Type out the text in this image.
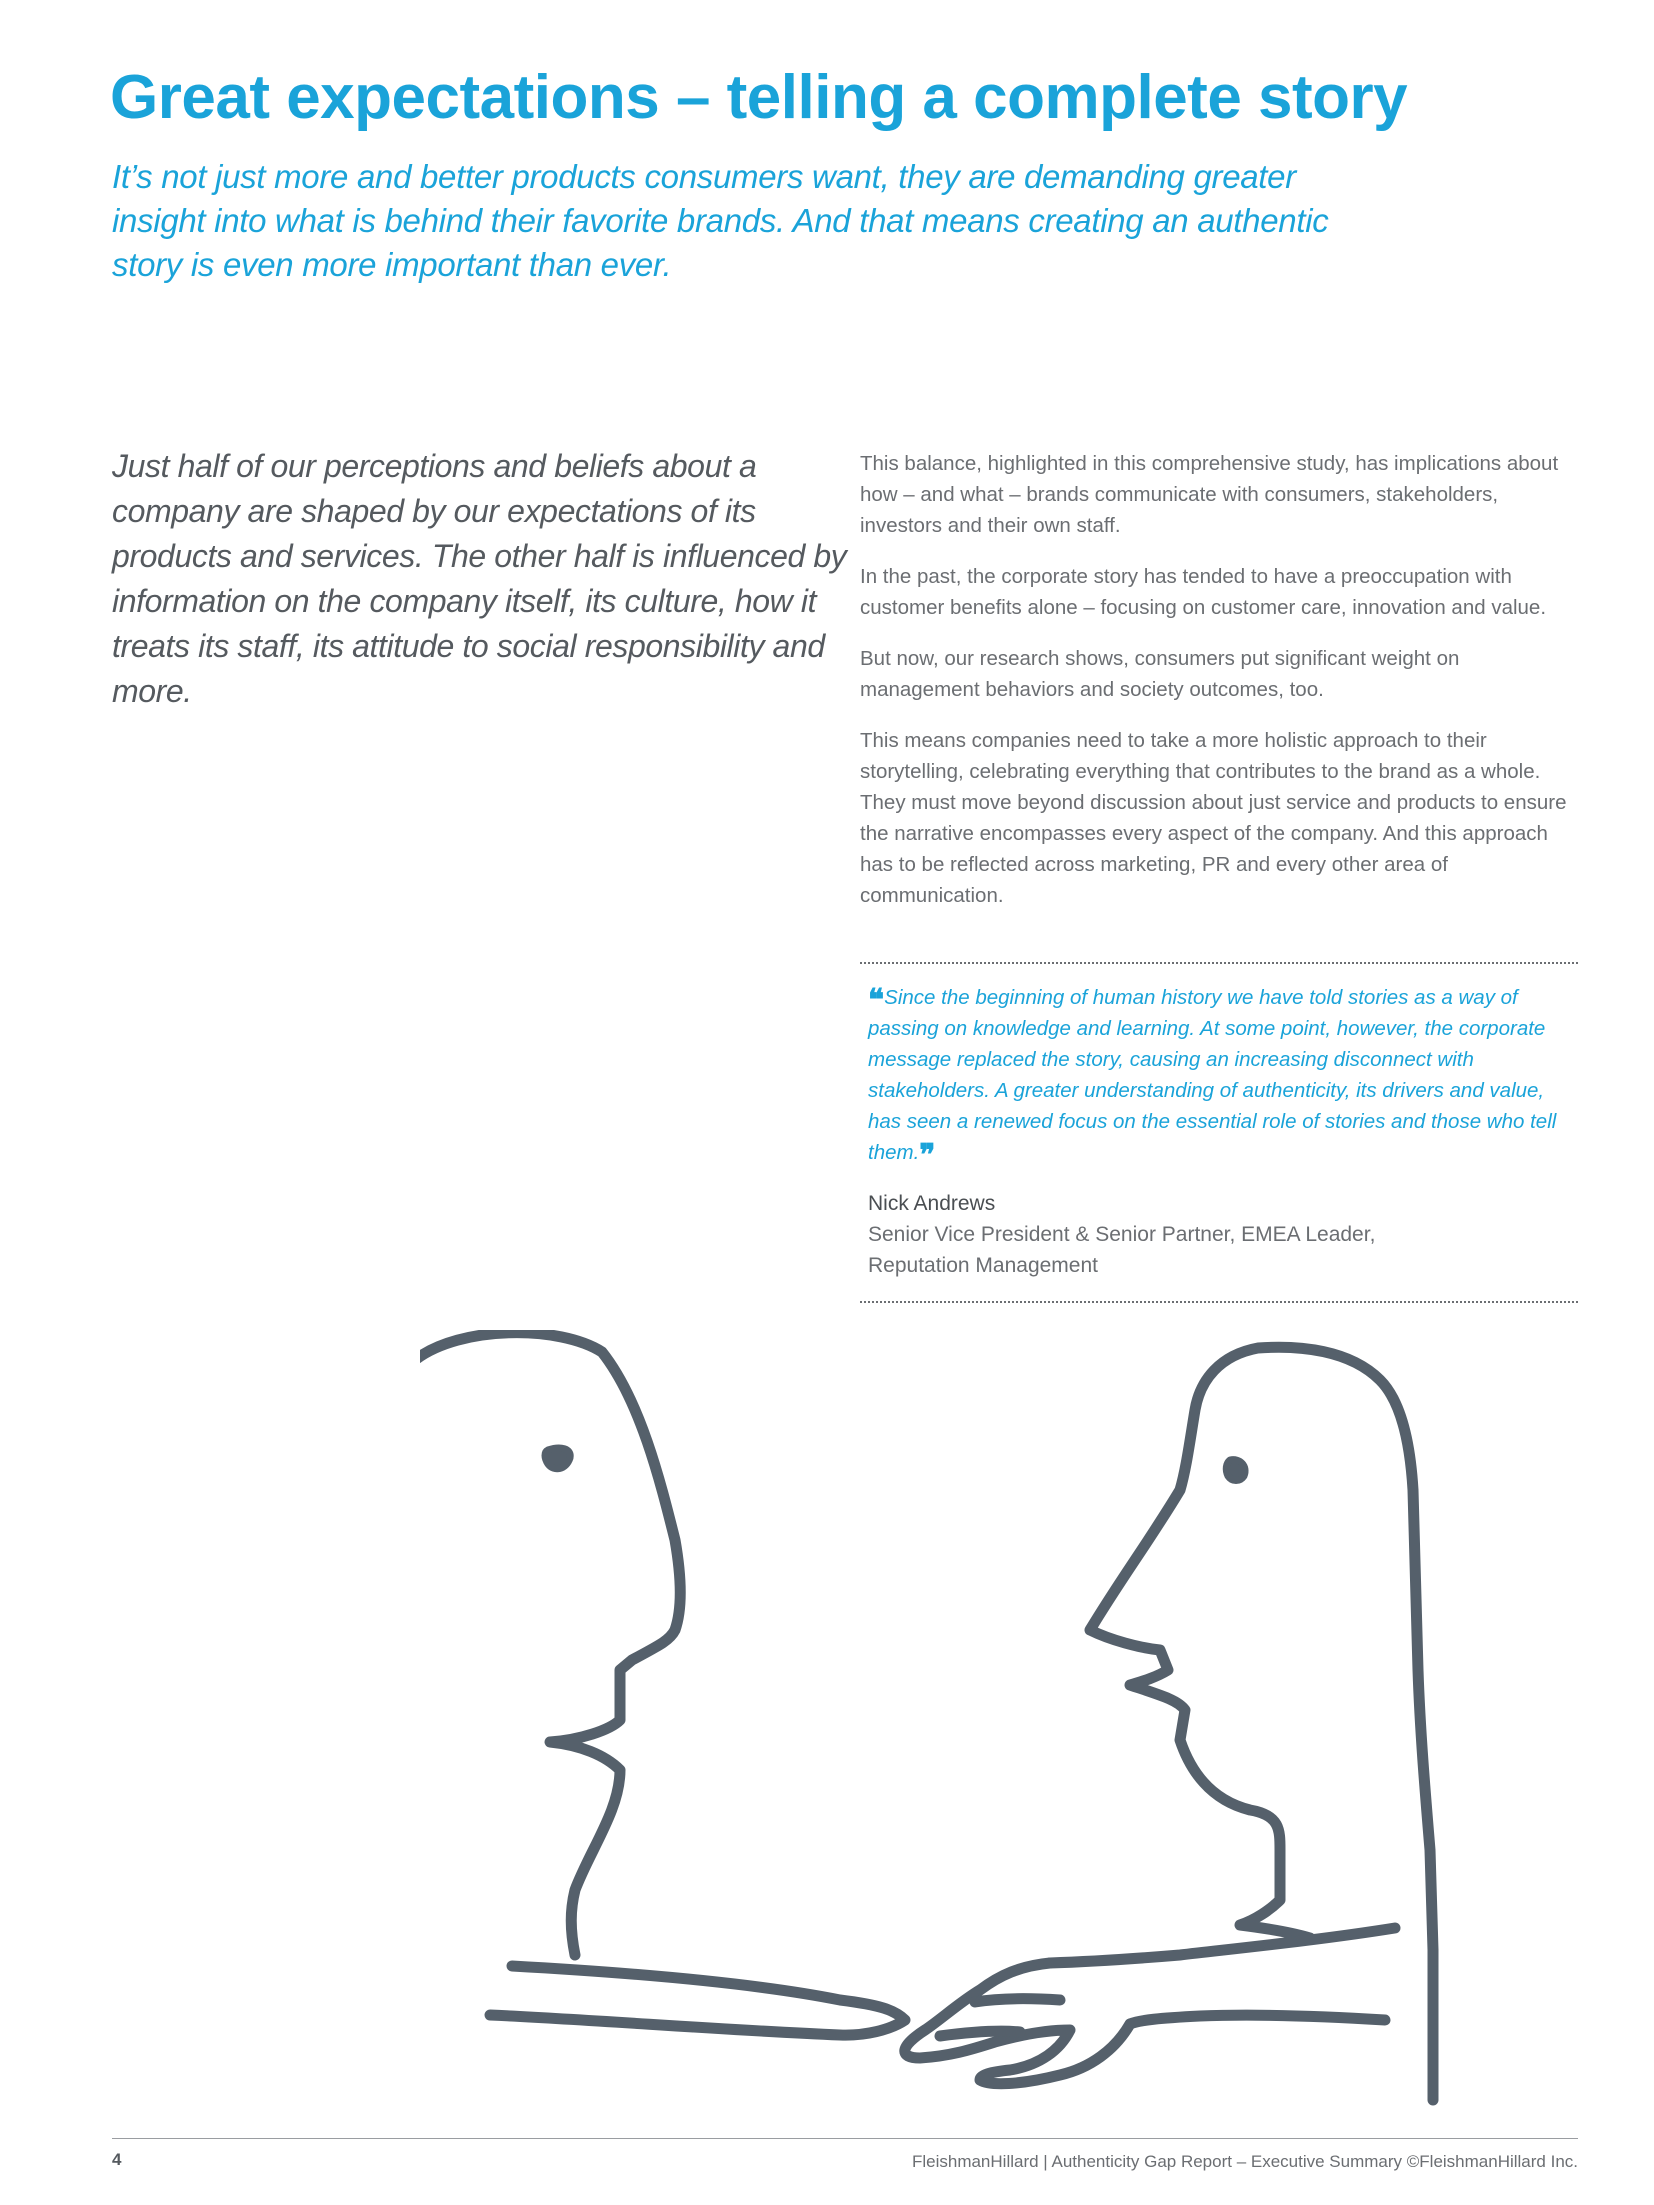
Great expectations – telling a complete story

It’s not just more and better products consumers want, they are demanding greater insight into what is behind their favorite brands. And that means creating an authentic story is even more important than ever.

Just half of our perceptions and beliefs about a company are shaped by our expectations of its products and services. The other half is influenced by information on the company itself, its culture, how it treats its staff, its attitude to social responsibility and more.

This balance, highlighted in this comprehensive study, has implications about how – and what – brands communicate with consumers, stakeholders, investors and their own staff.

In the past, the corporate story has tended to have a preoccupation with customer benefits alone – focusing on customer care, innovation and value.

But now, our research shows, consumers put significant weight on management behaviors and society outcomes, too.

This means companies need to take a more holistic approach to their storytelling, celebrating everything that contributes to the brand as a whole. They must move beyond discussion about just service and products to ensure the narrative encompasses every aspect of the company. And this approach has to be reflected across marketing, PR and every other area of communication.

❝Since the beginning of human history we have told stories as a way of passing on knowledge and learning. At some point, however, the corporate message replaced the story, causing an increasing disconnect with stakeholders. A greater understanding of authenticity, its drivers and value, has seen a renewed focus on the essential role of stories and those who tell them.❞

Nick Andrews

Senior Vice President & Senior Partner, EMEA Leader, Reputation Management

4	FleishmanHillard | Authenticity Gap Report – Executive Summary ©FleishmanHillard Inc.
